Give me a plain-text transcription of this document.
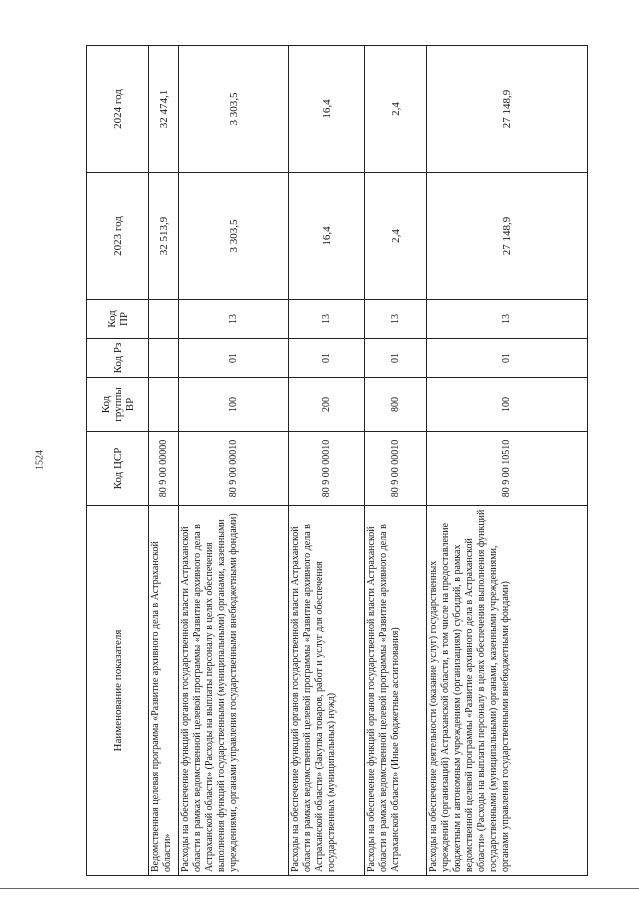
1524
Наименование показателя	Код ЦСР	Код группы ВР	Код Рз	Код ПР	2023 год	2024 год
Ведомственная целевая программа «Развитие архивного дела в Астраханской области»	80 9 00 00000				32 513,9	32 474,1
Расходы на обеспечение функций органов государственной власти Астраханской области в рамках ведомственной целевой программы «Развитие архивного дела в Астраханской области» (Расходы на выплаты персоналу в целях обеспечения выполнения функций государственными (муниципальными) органами, казенными учреждениями, органами управления государственными внебюджетными фондами)	80 9 00 00010	100	01	13	3 303,5	3 303,5
Расходы на обеспечение функций органов государственной власти Астраханской области в рамках ведомственной целевой программы «Развитие архивного дела в Астраханской области» (Закупка товаров, работ и услуг для обеспечения государственных (муниципальных) нужд)	80 9 00 00010	200	01	13	16,4	16,4
Расходы на обеспечение функций органов государственной власти Астраханской области в рамках ведомственной целевой программы «Развитие архивного дела в Астраханской области» (Иные бюджетные ассигнования)	80 9 00 00010	800	01	13	2,4	2,4
Расходы на обеспечение деятельности (оказание услуг) государственных учреждений (организаций) Астраханской области, в том числе на предоставление бюджетным и автономным учреждениям (организациям) субсидий, в рамках ведомственной целевой программы «Развитие архивного дела в Астраханской области» (Расходы на выплаты персоналу в целях обеспечения выполнения функций государственными (муниципальными) органами, казенными учреждениями, органами управления государственными внебюджетными фондами)	80 9 00 10510	100	01	13	27 148,9	27 148,9
